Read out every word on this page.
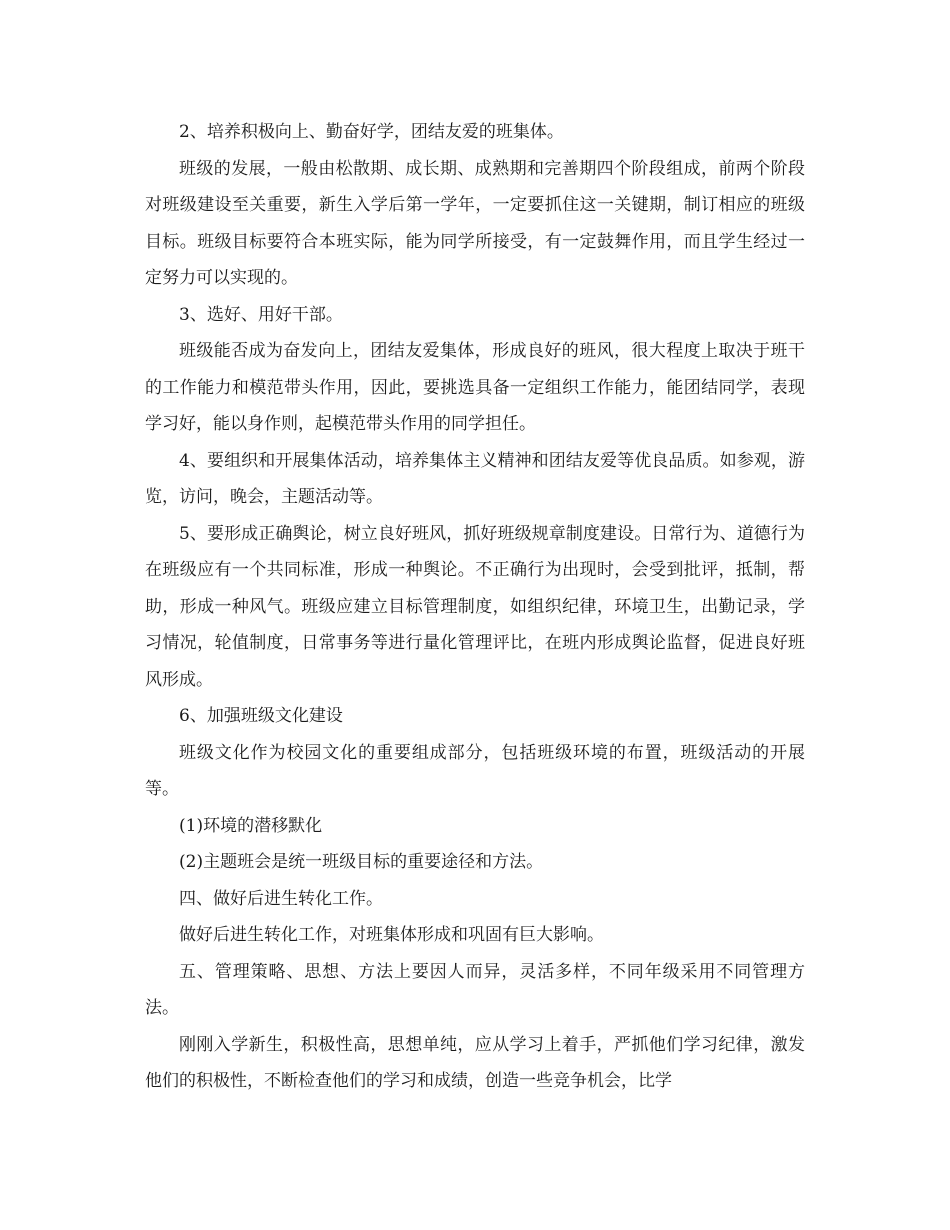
2、培养积极向上、勤奋好学，团结友爱的班集体。

班级的发展，一般由松散期、成长期、成熟期和完善期四个阶段组成，前两个阶段对班级建设至关重要，新生入学后第一学年，一定要抓住这一关键期，制订相应的班级目标。班级目标要符合本班实际，能为同学所接受，有一定鼓舞作用，而且学生经过一定努力可以实现的。

3、选好、用好干部。

班级能否成为奋发向上，团结友爱集体，形成良好的班风，很大程度上取决于班干的工作能力和模范带头作用，因此，要挑选具备一定组织工作能力，能团结同学，表现学习好，能以身作则，起模范带头作用的同学担任。

4、要组织和开展集体活动，培养集体主义精神和团结友爱等优良品质。如参观，游览，访问，晚会，主题活动等。

5、要形成正确舆论，树立良好班风，抓好班级规章制度建设。日常行为、道德行为在班级应有一个共同标准，形成一种舆论。不正确行为出现时，会受到批评，抵制，帮助，形成一种风气。班级应建立目标管理制度，如组织纪律，环境卫生，出勤记录，学习情况，轮值制度，日常事务等进行量化管理评比，在班内形成舆论监督，促进良好班风形成。

6、加强班级文化建设

班级文化作为校园文化的重要组成部分，包括班级环境的布置，班级活动的开展等。

(1)环境的潜移默化

(2)主题班会是统一班级目标的重要途径和方法。

四、做好后进生转化工作。

做好后进生转化工作，对班集体形成和巩固有巨大影响。

五、管理策略、思想、方法上要因人而异，灵活多样，不同年级采用不同管理方法。

刚刚入学新生，积极性高，思想单纯，应从学习上着手，严抓他们学习纪律，激发他们的积极性，不断检查他们的学习和成绩，创造一些竞争机会，比学
